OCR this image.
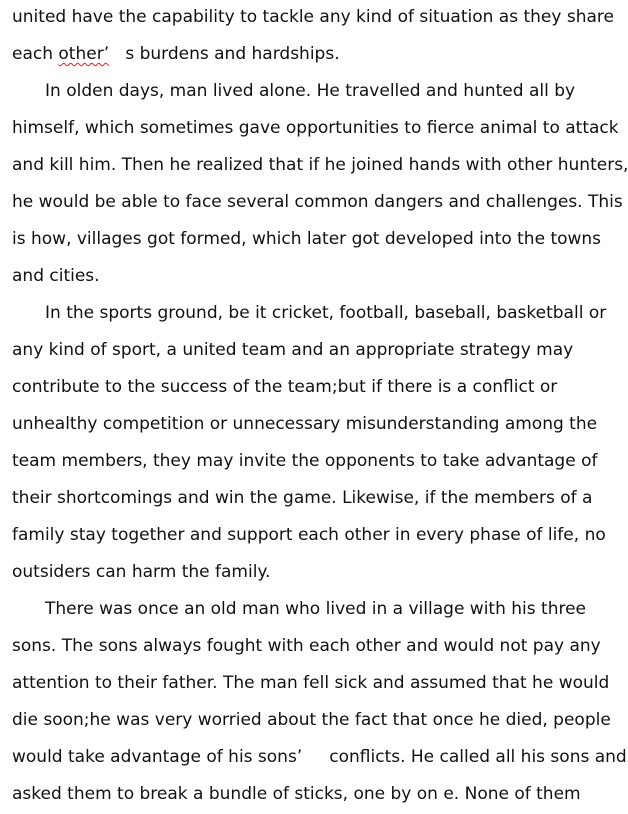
united have the capability to tackle any kind of situation as they share
each other’ s burdens and hardships.
In olden days, man lived alone. He travelled and hunted all by
himself, which sometimes gave opportunities to fierce animal to attack
and kill him. Then he realized that if he joined hands with other hunters,
he would be able to face several common dangers and challenges. This
is how, villages got formed, which later got developed into the towns
and cities.
In the sports ground, be it cricket, football, baseball, basketball or
any kind of sport, a united team and an appropriate strategy may
contribute to the success of the team;but if there is a conflict or
unhealthy competition or unnecessary misunderstanding among the
team members, they may invite the opponents to take advantage of
their shortcomings and win the game. Likewise, if the members of a
family stay together and support each other in every phase of life, no
outsiders can harm the family.
There was once an old man who lived in a village with his three
sons. The sons always fought with each other and would not pay any
attention to their father. The man fell sick and assumed that he would
die soon;he was very worried about the fact that once he died, people
would take advantage of his sons’ conflicts. He called all his sons and
asked them to break a bundle of sticks, one by on e. None of them
